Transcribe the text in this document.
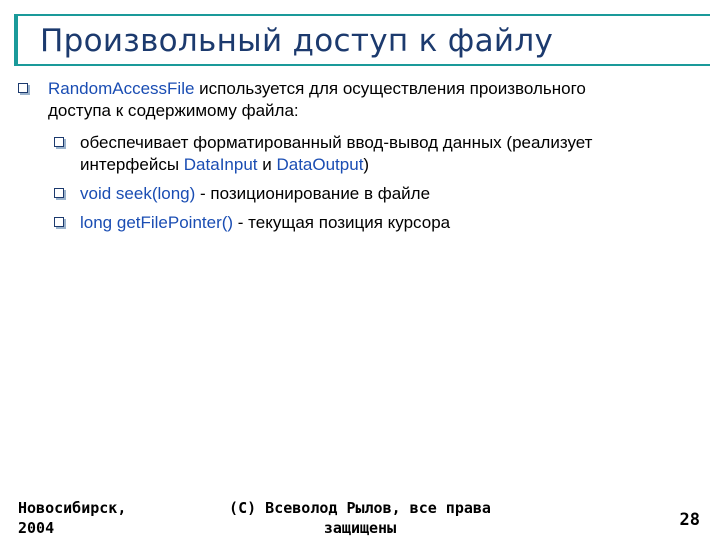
Произвольный доступ к файлу
RandomAccessFile используется для осуществления произвольного
доступа к содержимому файла:
обеспечивает форматированный ввод-вывод данных (реализует
интерфейсы DataInput и DataOutput)
void seek(long) - позиционирование в файле
long getFilePointer() - текущая позиция курсора
Новосибирск,
2004
(C) Всеволод Рылов, все права
защищены	28
